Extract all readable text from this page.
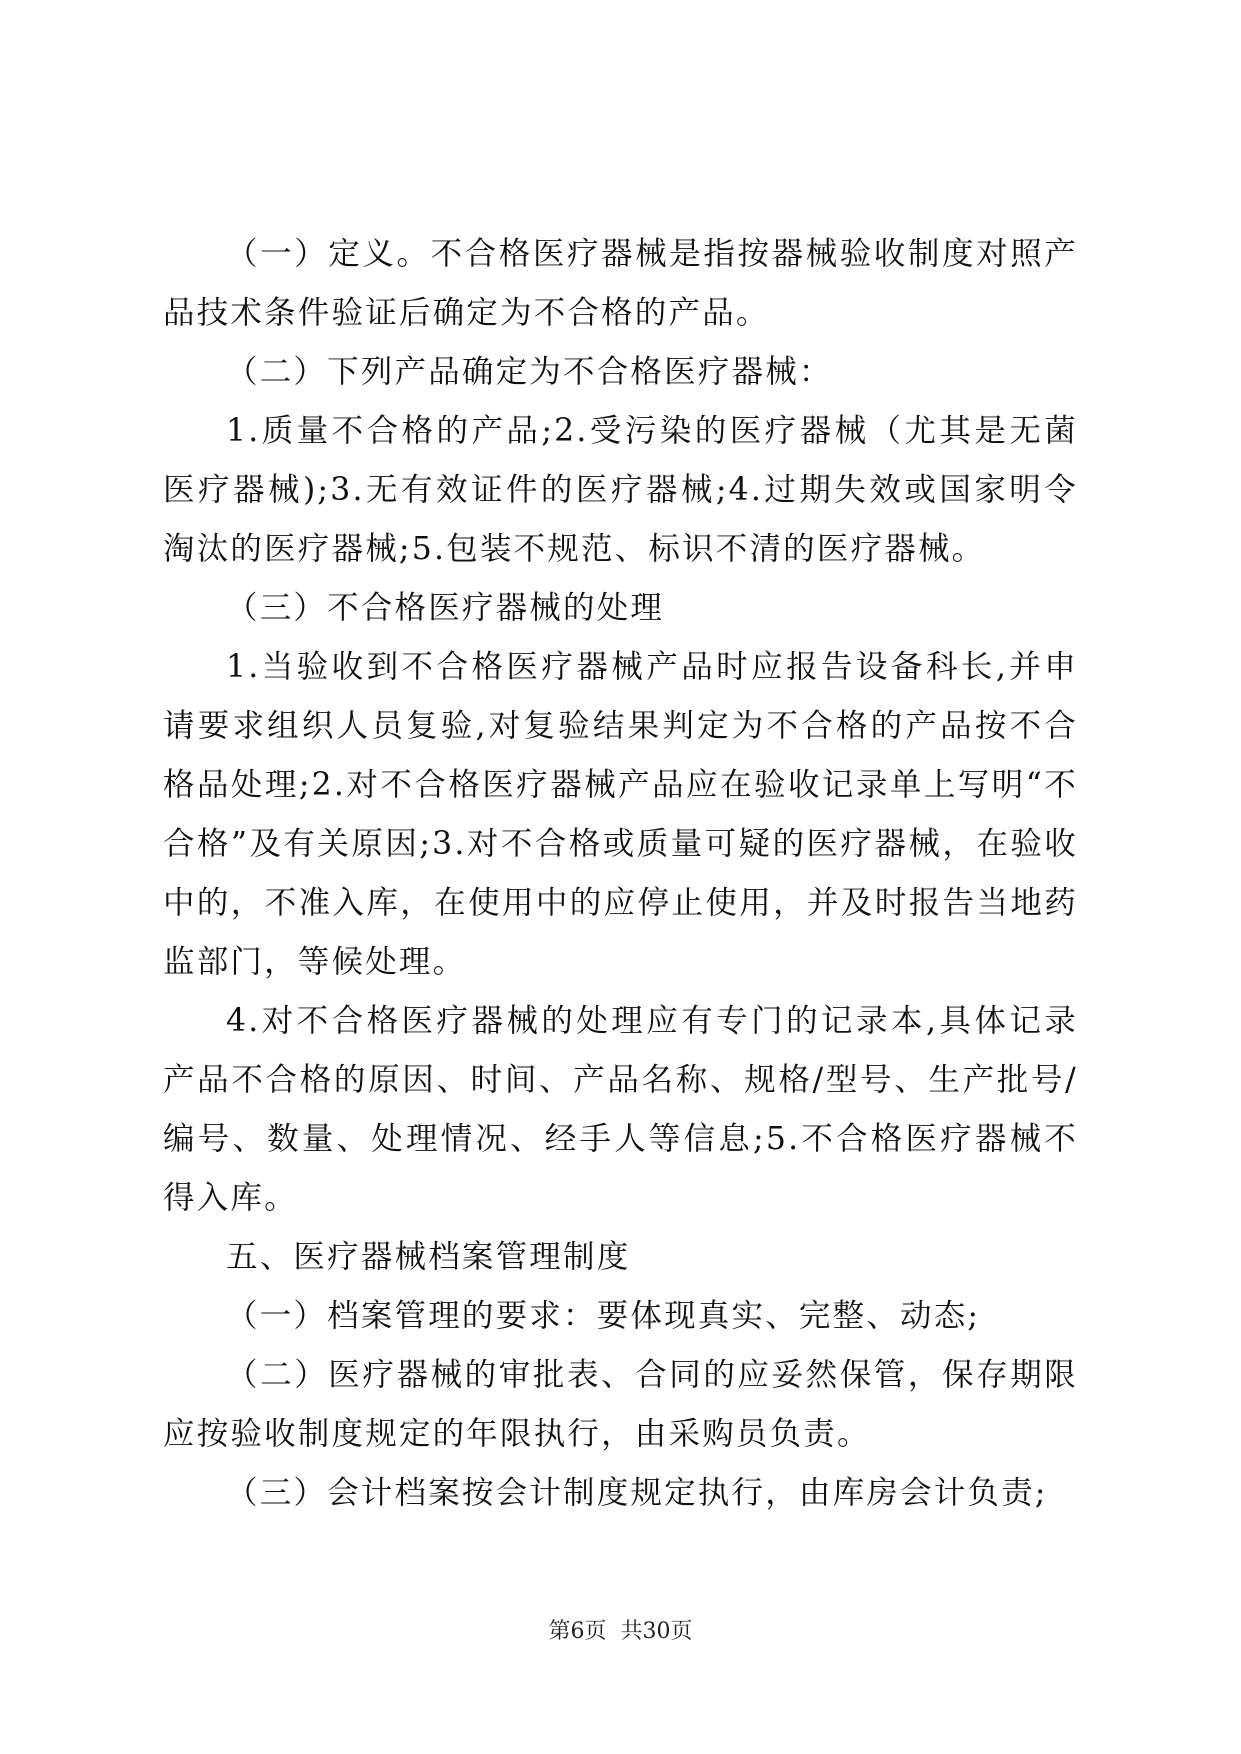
（一）定义。不合格医疗器械是指按器械验收制度对照产品技术条件验证后确定为不合格的产品。

（二）下列产品确定为不合格医疗器械：

1.质量不合格的产品;2.受污染的医疗器械（尤其是无菌医疗器械);3.无有效证件的医疗器械;4.过期失效或国家明令淘汰的医疗器械;5.包装不规范、标识不清的医疗器械。

（三）不合格医疗器械的处理

1.当验收到不合格医疗器械产品时应报告设备科长,并申请要求组织人员复验,对复验结果判定为不合格的产品按不合格品处理;2.对不合格医疗器械产品应在验收记录单上写明“不合格”及有关原因;3.对不合格或质量可疑的医疗器械，在验收中的，不准入库，在使用中的应停止使用，并及时报告当地药监部门，等候处理。

4.对不合格医疗器械的处理应有专门的记录本,具体记录产品不合格的原因、时间、产品名称、规格/型号、生产批号/编号、数量、处理情况、经手人等信息;5.不合格医疗器械不得入库。

五、医疗器械档案管理制度

（一）档案管理的要求：要体现真实、完整、动态;

（二）医疗器械的审批表、合同的应妥然保管，保存期限应按验收制度规定的年限执行，由采购员负责。

（三）会计档案按会计制度规定执行，由库房会计负责;

第6页 共30页
